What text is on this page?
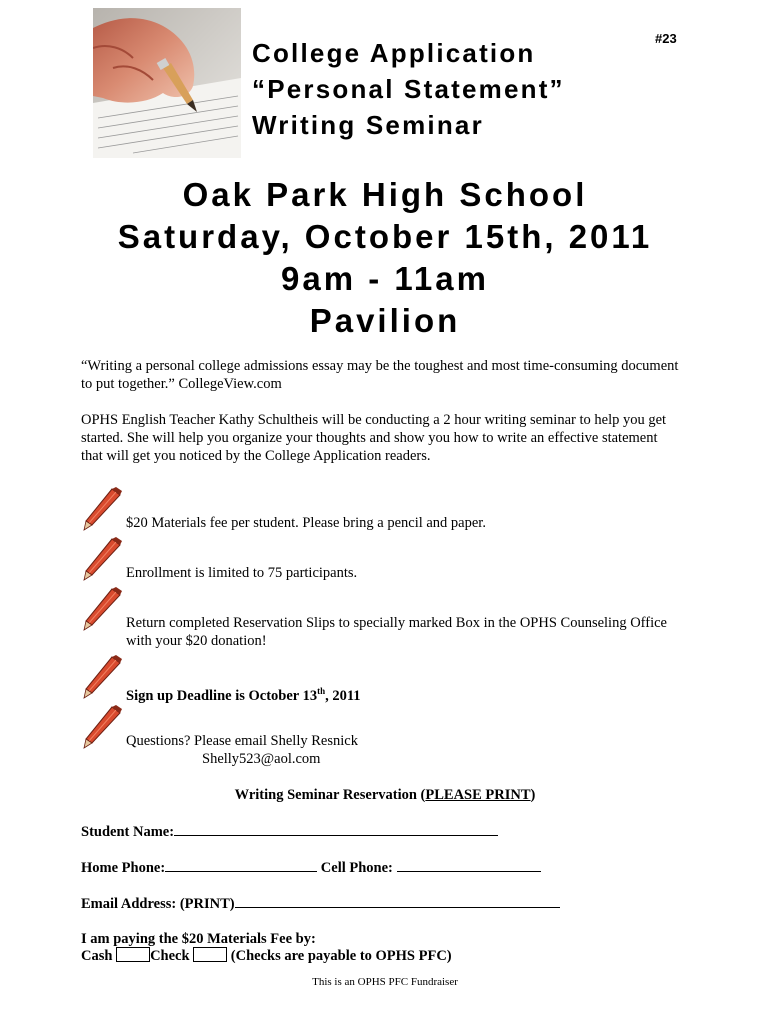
#23
College Application
“Personal Statement”
Writing Seminar
Oak Park High School
Saturday, October 15th, 2011
9am - 11am
Pavilion
“Writing a personal college admissions essay may be the toughest and most time-consuming document to put together.” CollegeView.com
OPHS English Teacher Kathy Schultheis will be conducting a 2 hour writing seminar to help you get started. She will help you organize your thoughts and show you how to write an effective statement that will get you noticed by the College Application readers.
$20 Materials fee per student. Please bring a pencil and paper.
Enrollment is limited to 75 participants.
Return completed Reservation Slips to specially marked Box in the OPHS Counseling Office with your $20 donation!
Sign up Deadline is October 13th, 2011
Questions? Please email Shelly Resnick
Shelly523@aol.com
Writing Seminar Reservation (PLEASE PRINT)
Student Name:
Home Phone:	Cell Phone:
Email Address: (PRINT)
I am paying the $20 Materials Fee by:
Cash	Check	(Checks are payable to OPHS PFC)
This is an OPHS PFC Fundraiser
